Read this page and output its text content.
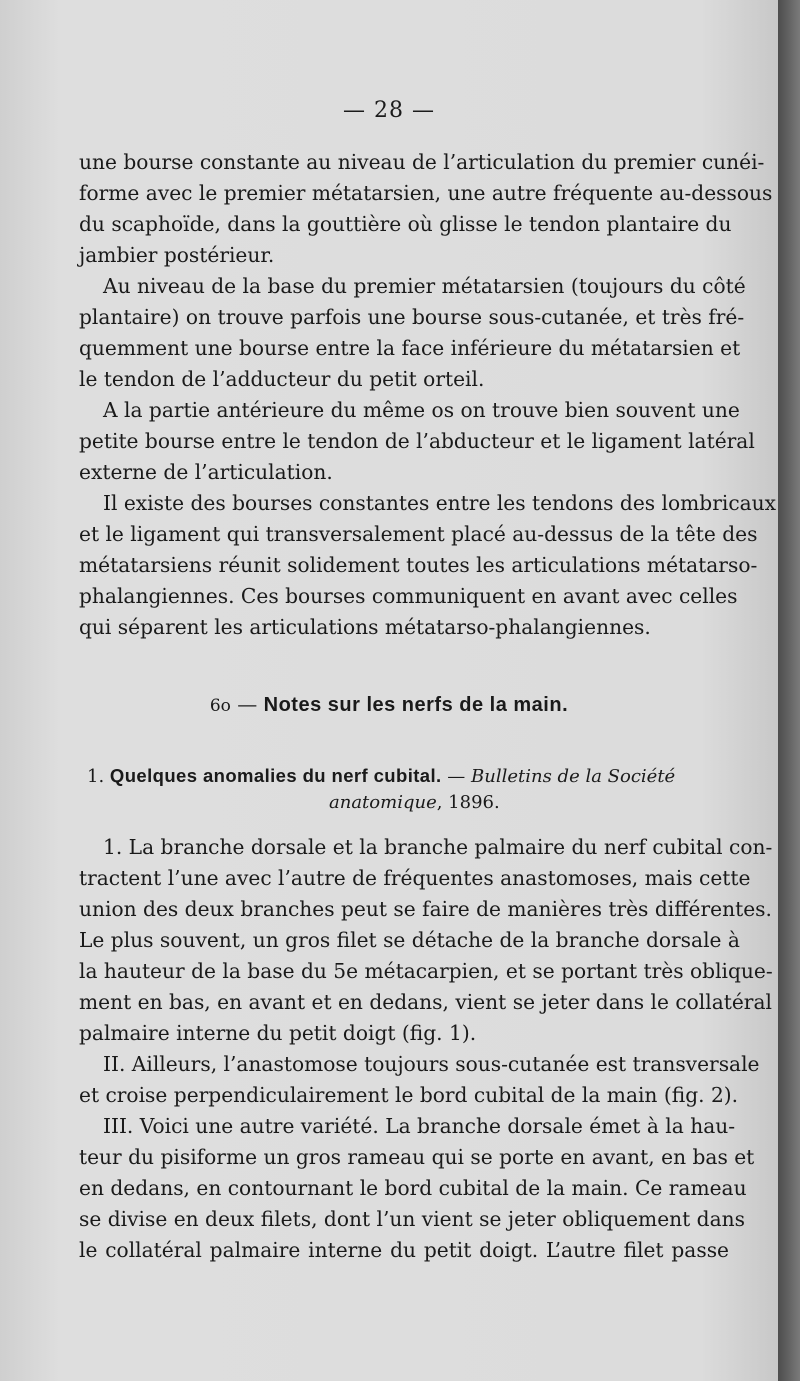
— 28 —
une bourse constante au niveau de l’articulation du premier cunéi-
forme avec le premier métatarsien, une autre fréquente au-dessous
du scaphoïde, dans la gouttière où glisse le tendon plantaire du
jambier postérieur.
Au niveau de la base du premier métatarsien (toujours du côté
plantaire) on trouve parfois une bourse sous-cutanée, et très fré-
quemment une bourse entre la face inférieure du métatarsien et
le tendon de l’adducteur du petit orteil.
A la partie antérieure du même os on trouve bien souvent une
petite bourse entre le tendon de l’abducteur et le ligament latéral
externe de l’articulation.
Il existe des bourses constantes entre les tendons des lombricaux
et le ligament qui transversalement placé au-dessus de la tête des
métatarsiens réunit solidement toutes les articulations métatarso-
phalangiennes. Ces bourses communiquent en avant avec celles
qui séparent les articulations métatarso-phalangiennes.
6o — Notes sur les nerfs de la main.
1. Quelques anomalies du nerf cubital. — Bulletins de la Société
anatomique, 1896.
1. La branche dorsale et la branche palmaire du nerf cubital con-
tractent l’une avec l’autre de fréquentes anastomoses, mais cette
union des deux branches peut se faire de manières très différentes.
Le plus souvent, un gros filet se détache de la branche dorsale à
la hauteur de la base du 5e métacarpien, et se portant très oblique-
ment en bas, en avant et en dedans, vient se jeter dans le collatéral
palmaire interne du petit doigt (fig. 1).
II. Ailleurs, l’anastomose toujours sous-cutanée est transversale
et croise perpendiculairement le bord cubital de la main (fig. 2).
III. Voici une autre variété. La branche dorsale émet à la hau-
teur du pisiforme un gros rameau qui se porte en avant, en bas et
en dedans, en contournant le bord cubital de la main. Ce rameau
se divise en deux filets, dont l’un vient se jeter obliquement dans
le collatéral palmaire interne du petit doigt. L’autre filet passe
